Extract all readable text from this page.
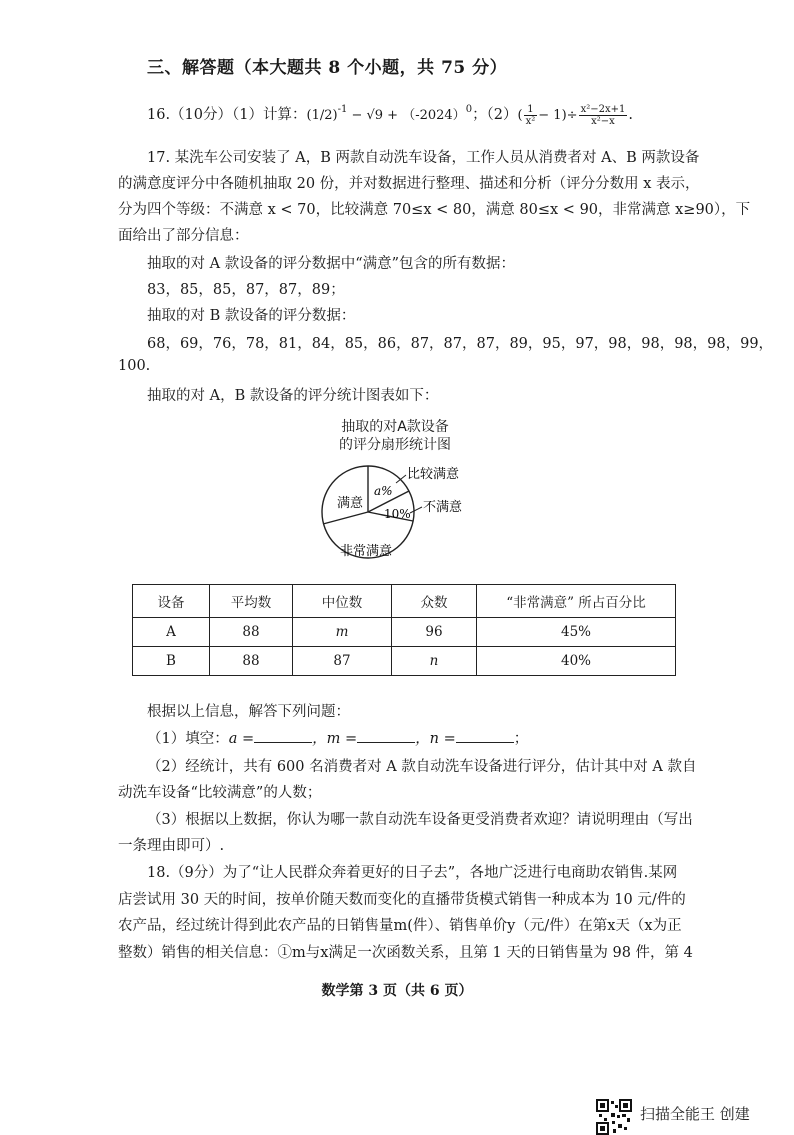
三、解答题（本大题共 8 个小题，共 75 分）
16.（10分）（1）计算：$(1/2)^{-1} - √9 + (-2024)^0$；$(2)( \frac{1}{\text{x²}} - 1)\div \frac{\text{x²−2x+1}}{\text{x²−x}}$ .
17. 某洗车公司安装了 A，B 两款自动洗车设备，工作人员从消费者对 A、B 两款设备
的满意度评分中各随机抽取 20 份，并对数据进行整理、描述和分析（评分分数用 x 表示，
分为四个等级：不满意 x < 70，比较满意 70≤x < 80，满意 80≤x < 90，非常满意 x≥90），下
面给出了部分信息：
抽取的对 A 款设备的评分数据中“满意”包含的所有数据：
83，85，85，87，87，89；
抽取的对 B 款设备的评分数据：
68，69，76，78，81，84，85，86，87，87，87，89，95，97，98，98，98，98，99，
100.
抽取的对 A，B 款设备的评分统计图表如下：
抽取的对A款设备
的评分扇形统计图
满意
非常满意
a%
10%
比较满意
不满意
设备	平均数	中位数	众数	“非常满意” 所占百分比
A	88	m	96	45%
B	88	87	n	40%
根据以上信息，解答下列问题：
（1）填空：a =	，m =	，n =	；
（2）经统计，共有 600 名消费者对 A 款自动洗车设备进行评分，估计其中对 A 款自
动洗车设备“比较满意”的人数；
（3）根据以上数据，你认为哪一款自动洗车设备更受消费者欢迎？请说明理由（写出
一条理由即可）.
18.（9分）为了“让人民群众奔着更好的日子去”，各地广泛进行电商助农销售.某网
店尝试用 30 天的时间，按单价随天数而变化的直播带货模式销售一种成本为 10 元/件的
农产品，经过统计得到此农产品的日销售量m(件）、销售单价y（元/件）在第x天（x为正
整数）销售的相关信息：①m与x满足一次函数关系，且第 1 天的日销售量为 98 件，第 4
数学第 3 页（共 6 页）
扫描全能王 创建
